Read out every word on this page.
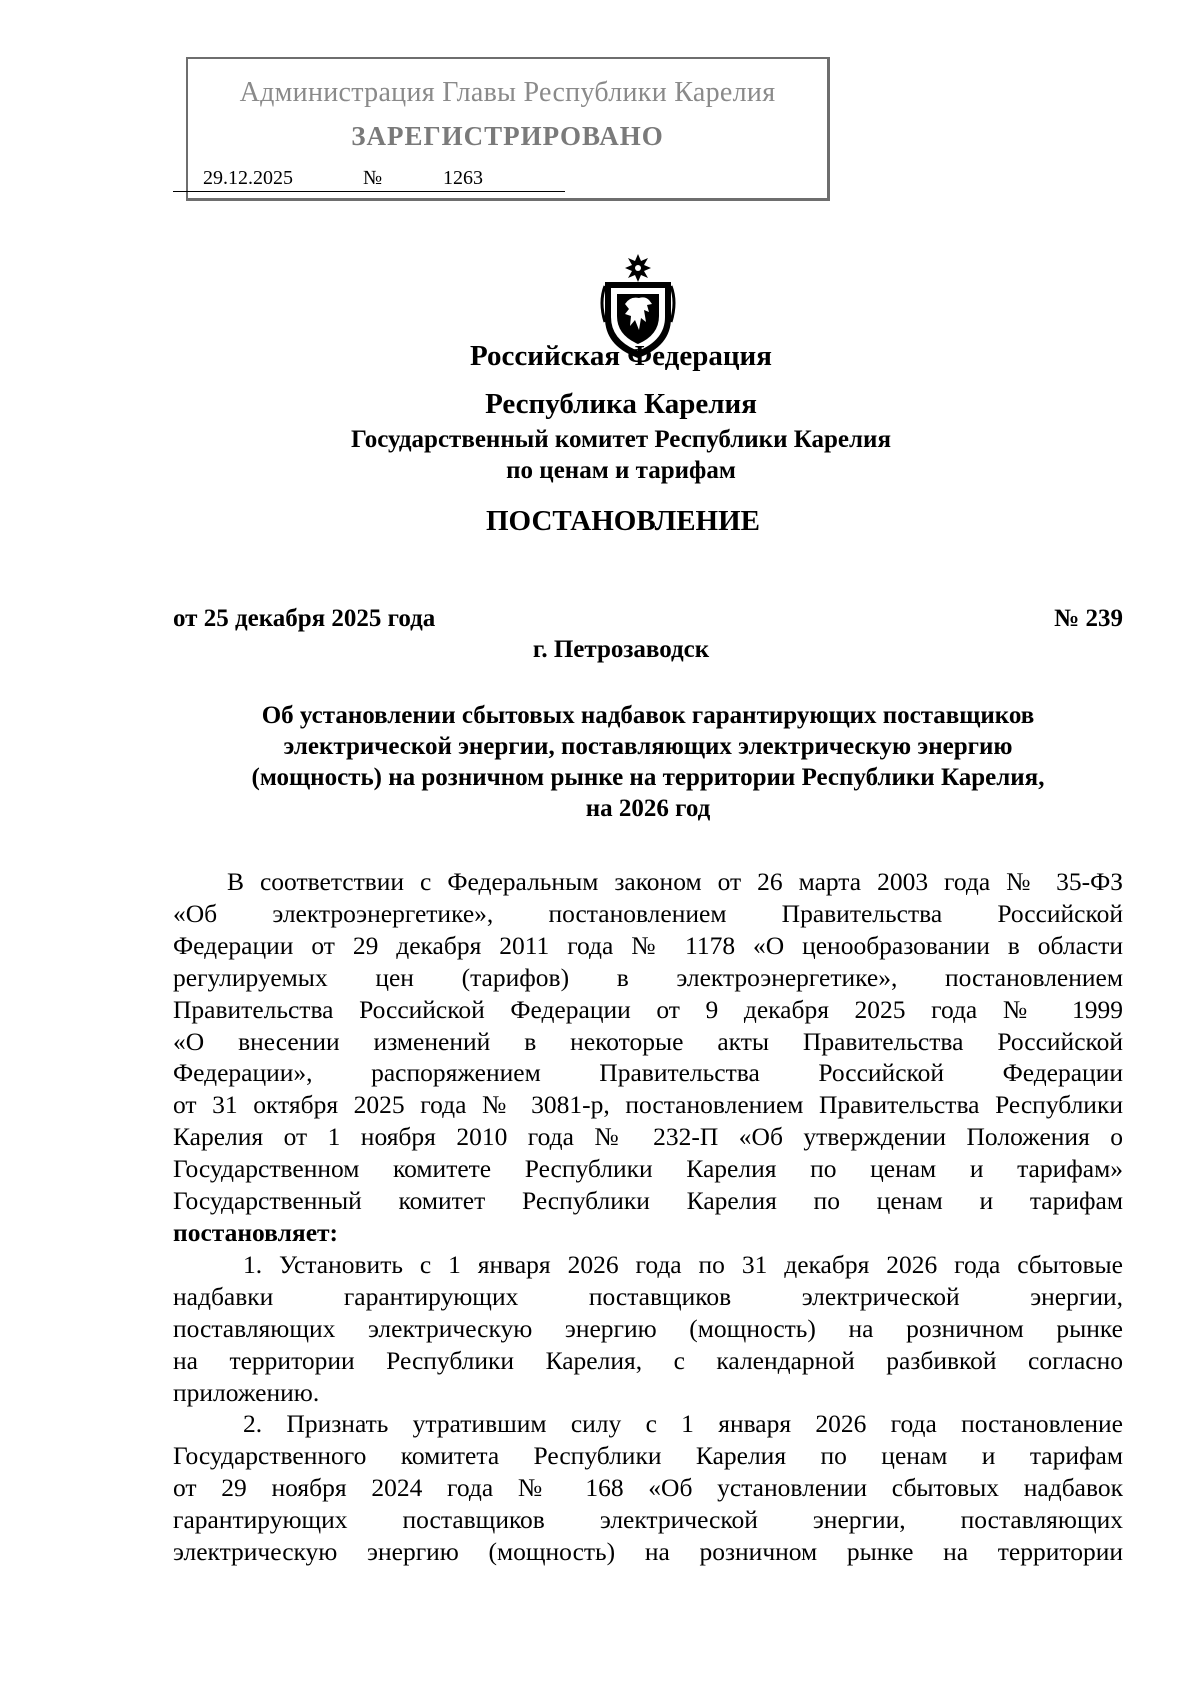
Администрация Главы Республики Карелия
ЗАРЕГИСТРИРОВАНО
29.12.2025	№	1263
Российская Федерация
Республика Карелия
Государственный комитет Республики Карелия
по ценам и тарифам
ПОСТАНОВЛЕНИЕ
от 25 декабря 2025 года	№ 239
г. Петрозаводск
Об установлении сбытовых надбавок гарантирующих поставщиков
электрической энергии, поставляющих электрическую энергию
(мощность) на розничном рынке на территории Республики Карелия,
на 2026 год
В соответствии с Федеральным законом от 26 марта 2003 года № 35-ФЗ
«Об электроэнергетике», постановлением Правительства Российской
Федерации от 29 декабря 2011 года № 1178 «О ценообразовании в области
регулируемых цен (тарифов) в электроэнергетике», постановлением
Правительства Российской Федерации от 9 декабря 2025 года № 1999
«О внесении изменений в некоторые акты Правительства Российской
Федерации», распоряжением Правительства Российской Федерации
от 31 октября 2025 года № 3081-р, постановлением Правительства Республики
Карелия от 1 ноября 2010 года № 232-П «Об утверждении Положения о
Государственном комитете Республики Карелия по ценам и тарифам»
Государственный комитет Республики Карелия по ценам и тарифам
постановляет:
1. Установить с 1 января 2026 года по 31 декабря 2026 года сбытовые
надбавки гарантирующих поставщиков электрической энергии,
поставляющих электрическую энергию (мощность) на розничном рынке
на территории Республики Карелия, с календарной разбивкой согласно
приложению.
2. Признать утратившим силу с 1 января 2026 года постановление
Государственного комитета Республики Карелия по ценам и тарифам
от 29 ноября 2024 года № 168 «Об установлении сбытовых надбавок
гарантирующих поставщиков электрической энергии, поставляющих
электрическую энергию (мощность) на розничном рынке на территории
